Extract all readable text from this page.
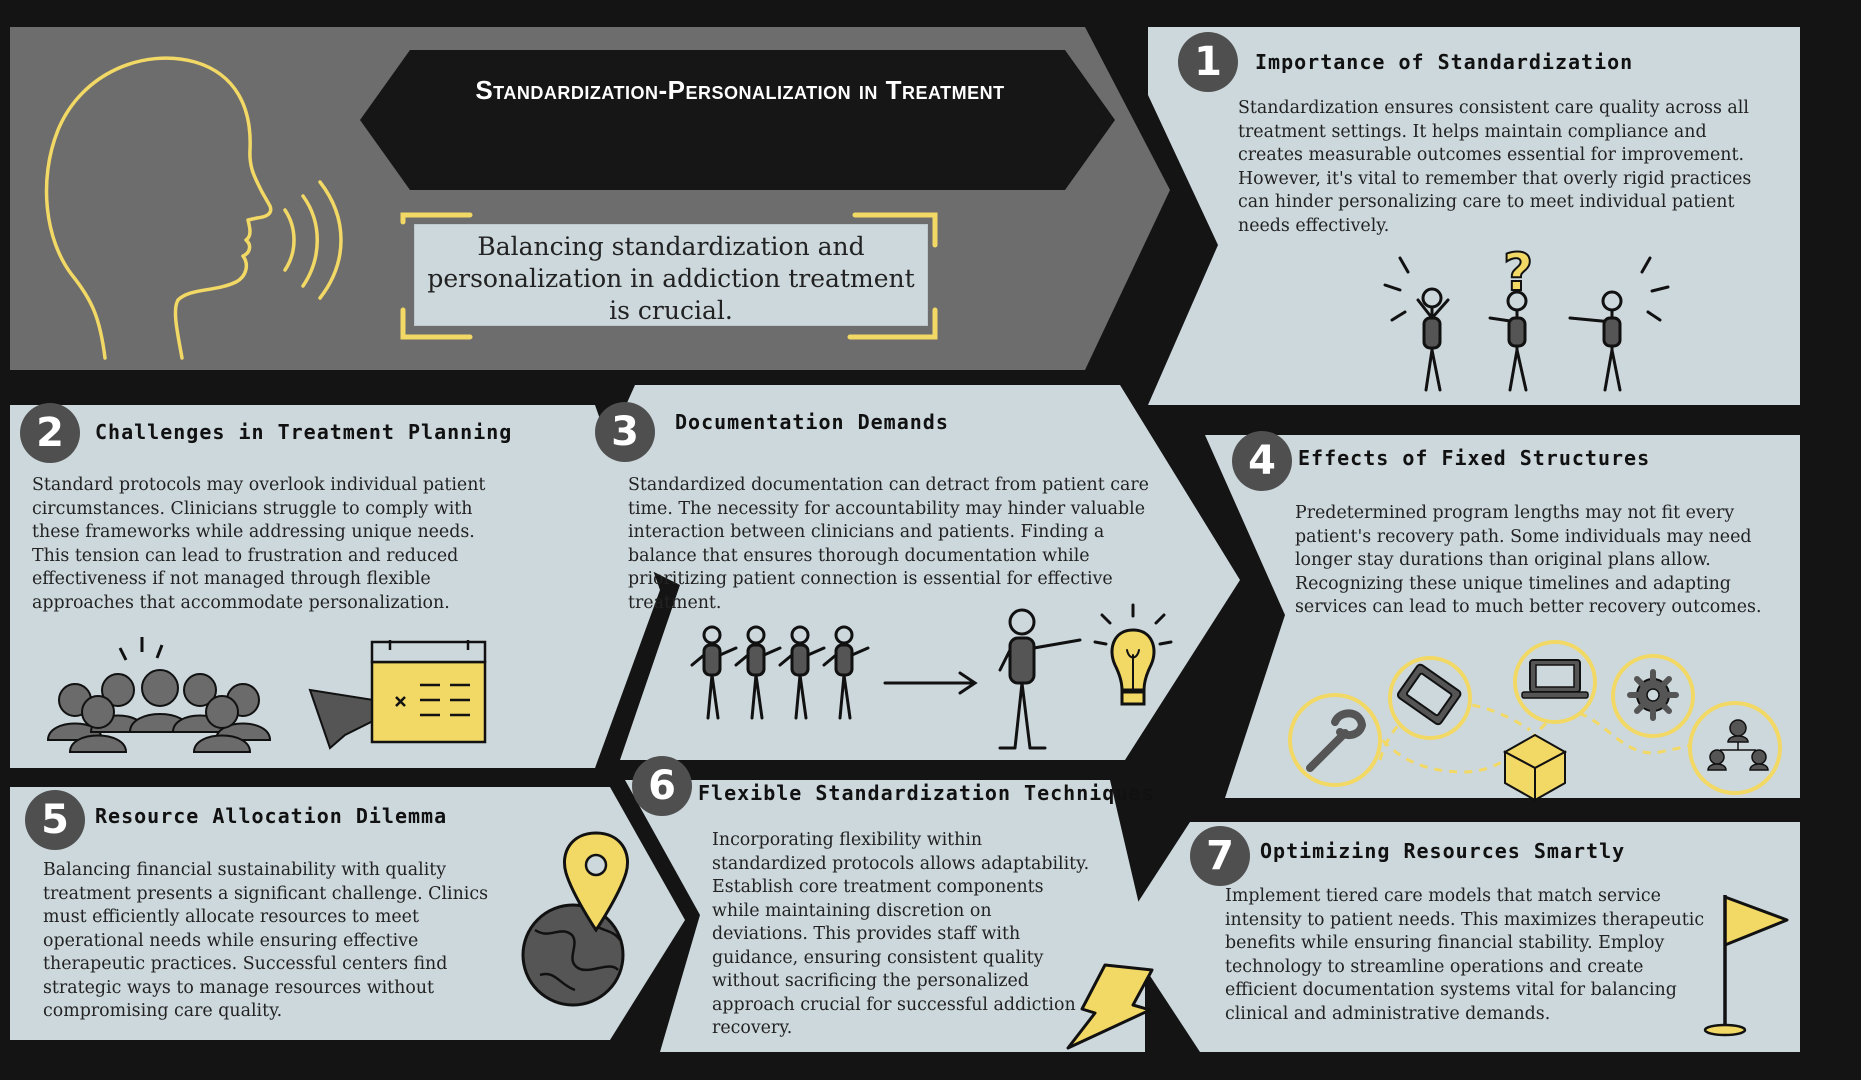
?
Standardization-Personalization in Treatment
Balancing standardization and personalization in addiction treatment is crucial.
1	Importance of Standardization
Standardization ensures consistent care quality across all treatment settings. It helps maintain compliance and creates measurable outcomes essential for improvement. However, it's vital to remember that overly rigid practices can hinder personalizing care to meet individual patient needs effectively.
2	Challenges in Treatment Planning
Standard protocols may overlook individual patient circumstances. Clinicians struggle to comply with these frameworks while addressing unique needs. This tension can lead to frustration and reduced effectiveness if not managed through flexible approaches that accommodate personalization.
3	Documentation Demands
Standardized documentation can detract from patient care time. The necessity for accountability may hinder valuable interaction between clinicians and patients. Finding a balance that ensures thorough documentation while prioritizing patient connection is essential for effective treatment.
4	Effects of Fixed Structures
Predetermined program lengths may not fit every patient's recovery path. Some individuals may need longer stay durations than original plans allow. Recognizing these unique timelines and adapting services can lead to much better recovery outcomes.
5	Resource Allocation Dilemma
Balancing financial sustainability with quality treatment presents a significant challenge. Clinics must efficiently allocate resources to meet operational needs while ensuring effective therapeutic practices. Successful centers find strategic ways to manage resources without compromising care quality.
6	Flexible Standardization Techniques
Incorporating flexibility within standardized protocols allows adaptability. Establish core treatment components while maintaining discretion on deviations. This provides staff with guidance, ensuring consistent quality without sacrificing the personalized approach crucial for successful addiction recovery.
7	Optimizing Resources Smartly
Implement tiered care models that match service intensity to patient needs. This maximizes therapeutic benefits while ensuring financial stability. Employ technology to streamline operations and create efficient documentation systems vital for balancing clinical and administrative demands.
